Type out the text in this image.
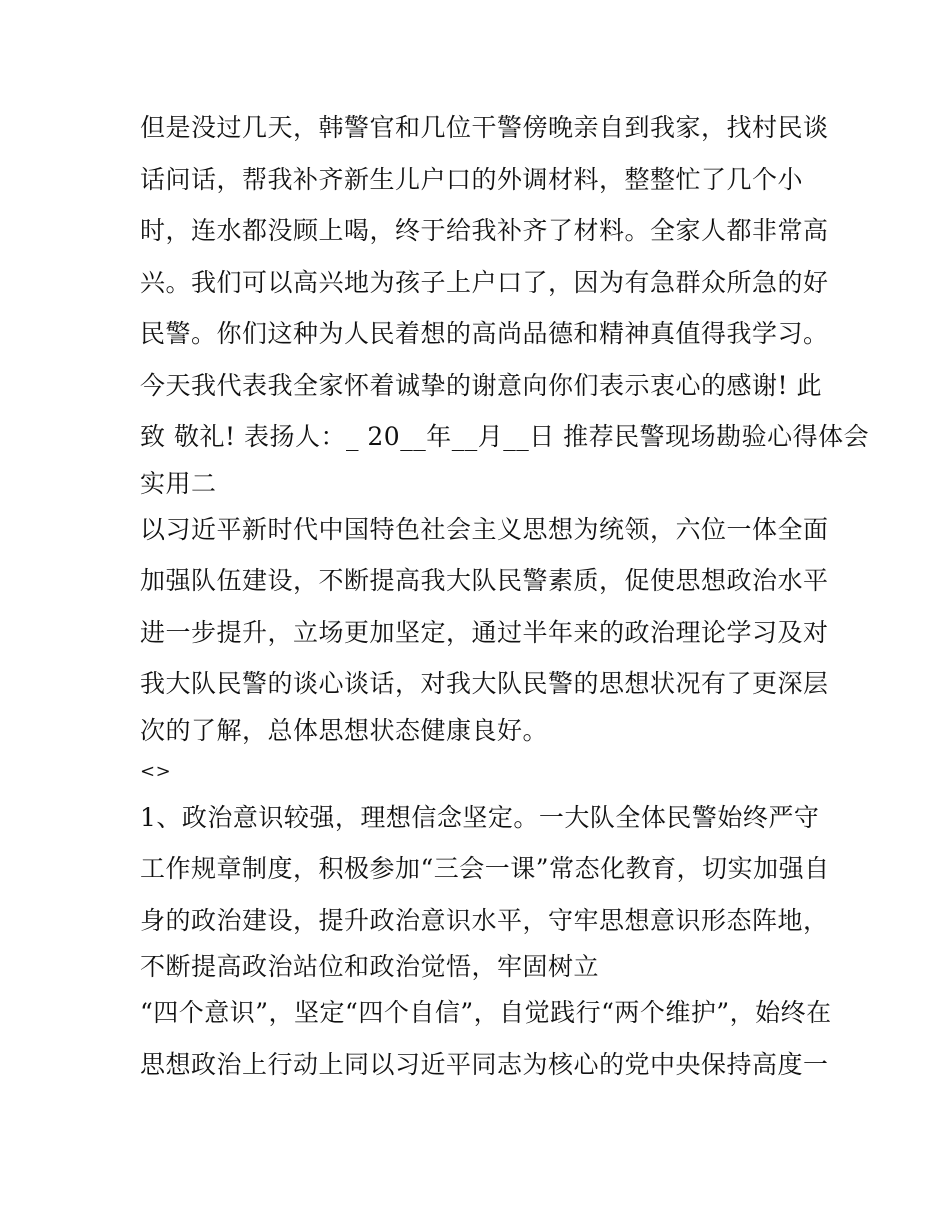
但是没过几天，韩警官和几位干警傍晚亲自到我家，找村民谈
话问话，帮我补齐新生儿户口的外调材料，整整忙了几个小
时，连水都没顾上喝，终于给我补齐了材料。全家人都非常高
兴。我们可以高兴地为孩子上户口了，因为有急群众所急的好
民警。你们这种为人民着想的高尚品德和精神真值得我学习。
今天我代表我全家怀着诚挚的谢意向你们表示衷心的感谢! 此
致 敬礼! 表扬人：_ 20__年__月__日 推荐民警现场勘验心得体会
实用二
以习近平新时代中国特色社会主义思想为统领，六位一体全面
加强队伍建设，不断提高我大队民警素质，促使思想政治水平
进一步提升，立场更加坚定，通过半年来的政治理论学习及对
我大队民警的谈心谈话，对我大队民警的思想状况有了更深层
次的了解，总体思想状态健康良好。
<>
1、政治意识较强，理想信念坚定。一大队全体民警始终严守
工作规章制度，积极参加“三会一课”常态化教育，切实加强自
身的政治建设，提升政治意识水平，守牢思想意识形态阵地，
不断提高政治站位和政治觉悟，牢固树立
“四个意识”，坚定“四个自信”，自觉践行“两个维护”，始终在
思想政治上行动上同以习近平同志为核心的党中央保持高度一
